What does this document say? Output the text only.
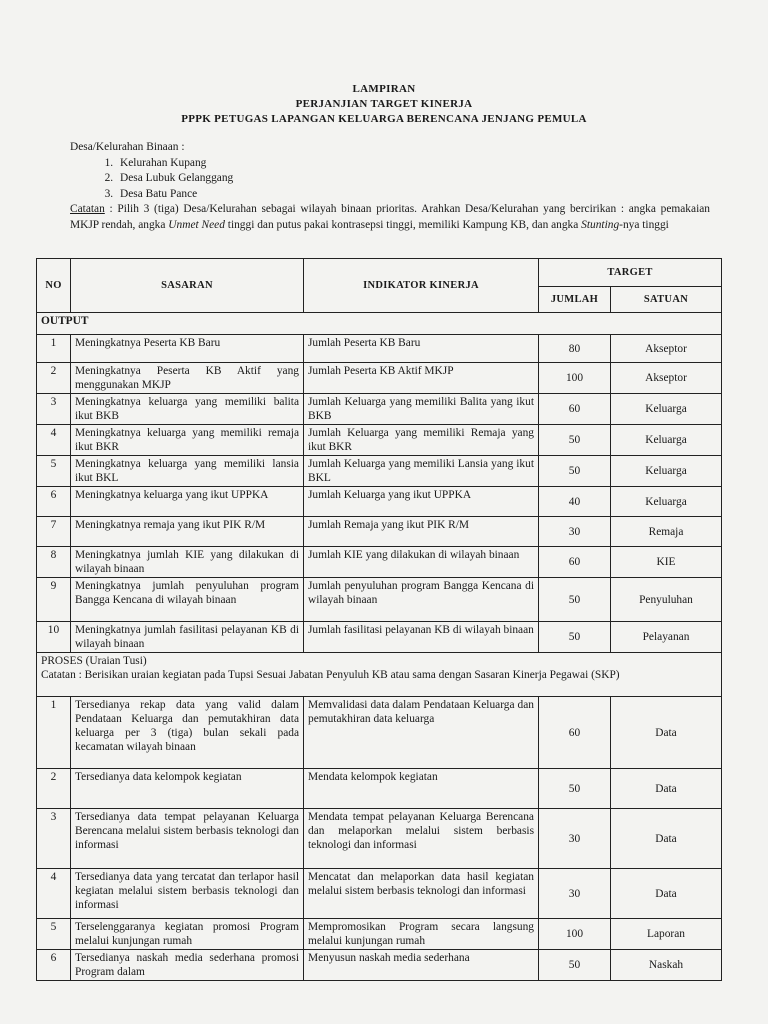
LAMPIRAN
PERJANJIAN TARGET KINERJA
PPPK PETUGAS LAPANGAN KELUARGA BERENCANA JENJANG PEMULA
Desa/Kelurahan Binaan :
1. Kelurahan Kupang
2. Desa Lubuk Gelanggang
3. Desa Batu Pance
Catatan : Pilih 3 (tiga) Desa/Kelurahan sebagai wilayah binaan prioritas. Arahkan Desa/Kelurahan yang bercirikan : angka pemakaian MKJP rendah, angka Unmet Need tinggi dan putus pakai kontrasepsi tinggi, memiliki Kampung KB, dan angka Stunting-nya tinggi
NO	SASARAN	INDIKATOR KINERJA	TARGET	
			JUMLAH	SATUAN
OUTPUT				
1	Meningkatnya Peserta KB Baru	Jumlah Peserta KB Baru	80	Akseptor
2	Meningkatnya Peserta KB Aktif yang menggunakan MKJP	Jumlah Peserta KB Aktif MKJP	100	Akseptor
3	Meningkatnya keluarga yang memiliki balita ikut BKB	Jumlah Keluarga yang memiliki Balita yang ikut BKB	60	Keluarga
4	Meningkatnya keluarga yang memiliki remaja ikut BKR	Jumlah Keluarga yang memiliki Remaja yang ikut BKR	50	Keluarga
5	Meningkatnya keluarga yang memiliki lansia ikut BKL	Jumlah Keluarga yang memiliki Lansia yang ikut BKL	50	Keluarga
6	Meningkatnya keluarga yang ikut UPPKA	Jumlah Keluarga yang ikut UPPKA	40	Keluarga
7	Meningkatnya remaja yang ikut PIK R/M	Jumlah Remaja yang ikut PIK R/M	30	Remaja
8	Meningkatnya jumlah KIE yang dilakukan di wilayah binaan	Jumlah KIE yang dilakukan di wilayah binaan	60	KIE
9	Meningkatnya jumlah penyuluhan program Bangga Kencana di wilayah binaan	Jumlah penyuluhan program Bangga Kencana di wilayah binaan	50	Penyuluhan
10	Meningkatnya jumlah fasilitasi pelayanan KB di wilayah binaan	Jumlah fasilitasi pelayanan KB di wilayah binaan	50	Pelayanan

PROSES (Uraian Tusi)
Catatan : Berisikan uraian kegiatan pada Tupsi Sesuai Jabatan Penyuluh KB atau sama dengan Sasaran Kinerja Pegawai (SKP)				

1	Tersedianya rekap data yang valid dalam Pendataan Keluarga dan pemutakhiran data keluarga per 3 (tiga) bulan sekali pada kecamatan wilayah binaan	Memvalidasi data dalam Pendataan Keluarga dan pemutakhiran data keluarga	60	Data
2	Tersedianya data kelompok kegiatan	Mendata kelompok kegiatan	50	Data
3	Tersedianya data tempat pelayanan Keluarga Berencana melalui sistem berbasis teknologi dan informasi	Mendata tempat pelayanan Keluarga Berencana dan melaporkan melalui sistem berbasis teknologi dan informasi	30	Data
4	Tersedianya data yang tercatat dan terlapor hasil kegiatan melalui sistem berbasis teknologi dan informasi	Mencatat dan melaporkan data hasil kegiatan melalui sistem berbasis teknologi dan informasi	30	Data
5	Terselenggaranya kegiatan promosi Program melalui kunjungan rumah	Mempromosikan Program secara langsung melalui kunjungan rumah	100	Laporan
6	Tersedianya naskah media sederhana promosi Program dalam	Menyusun naskah media sederhana	50	Naskah
